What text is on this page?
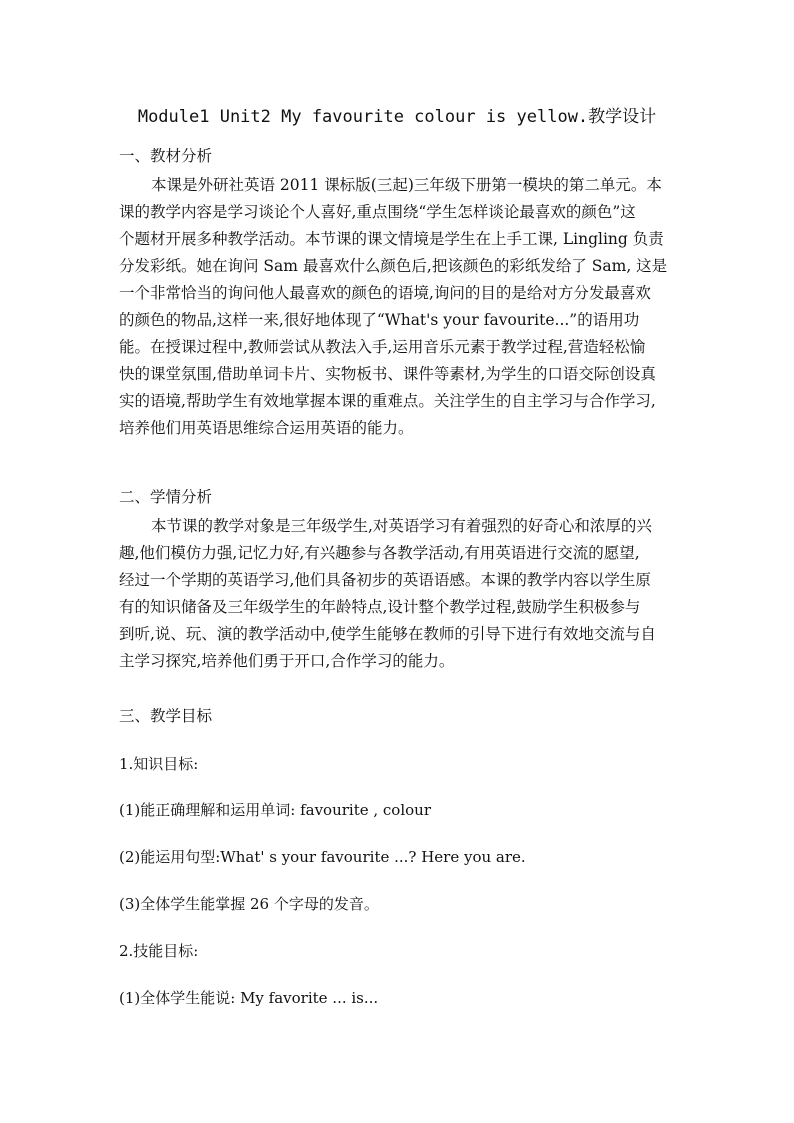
Module1 Unit2 My favourite colour is yellow.教学设计
一、教材分析
本课是外研社英语 2011 课标版(三起)三年级下册第一模块的第二单元。本
课的教学内容是学习谈论个人喜好,重点围绕“学生怎样谈论最喜欢的颜色”这
个题材开展多种教学活动。本节课的课文情境是学生在上手工课, Lingling 负责
分发彩纸。她在询问 Sam 最喜欢什么颜色后,把该颜色的彩纸发给了 Sam, 这是
一个非常恰当的询问他人最喜欢的颜色的语境,询问的目的是给对方分发最喜欢
的颜色的物品,这样一来,很好地体现了“What's your favourite...”的语用功
能。在授课过程中,教师尝试从教法入手,运用音乐元素于教学过程,营造轻松愉
快的课堂氛围,借助单词卡片、实物板书、课件等素材,为学生的口语交际创设真
实的语境,帮助学生有效地掌握本课的重难点。关注学生的自主学习与合作学习,
培养他们用英语思维综合运用英语的能力。
二、学情分析
本节课的教学对象是三年级学生,对英语学习有着强烈的好奇心和浓厚的兴
趣,他们模仿力强,记忆力好,有兴趣参与各教学活动,有用英语进行交流的愿望,
经过一个学期的英语学习,他们具备初步的英语语感。本课的教学内容以学生原
有的知识储备及三年级学生的年龄特点,设计整个教学过程,鼓励学生积极参与
到听,说、玩、演的教学活动中,使学生能够在教师的引导下进行有效地交流与自
主学习探究,培养他们勇于开口,合作学习的能力。
三、教学目标
1.知识目标:
(1)能正确理解和运用单词: favourite , colour
(2)能运用句型:What' s your favourite ...? Here you are.
(3)全体学生能掌握 26 个字母的发音。
2.技能目标:
(1)全体学生能说: My favorite ... is...
